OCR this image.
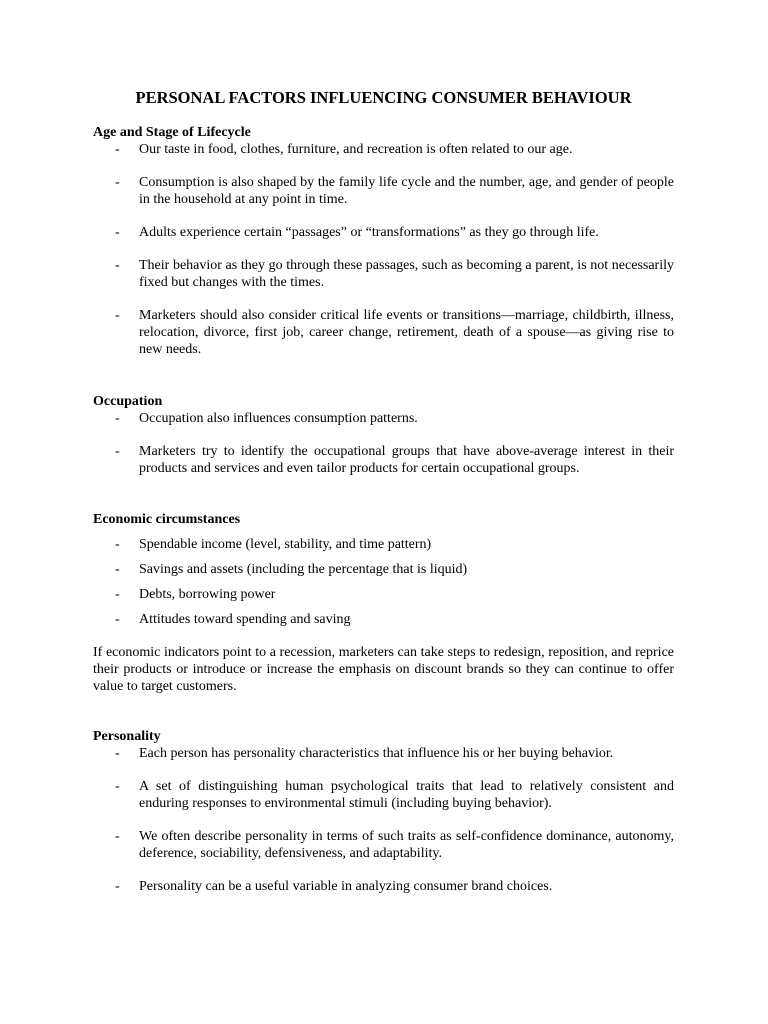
PERSONAL FACTORS INFLUENCING CONSUMER BEHAVIOUR
Age and Stage of Lifecycle
- Our taste in food, clothes, furniture, and recreation is often related to our age.
- Consumption is also shaped by the family life cycle and the number, age, and gender of people in the household at any point in time.
- Adults experience certain “passages” or “transformations” as they go through life.
- Their behavior as they go through these passages, such as becoming a parent, is not necessarily fixed but changes with the times.
- Marketers should also consider critical life events or transitions—marriage, childbirth, illness, relocation, divorce, first job, career change, retirement, death of a spouse—as giving rise to new needs.
Occupation
- Occupation also influences consumption patterns.
- Marketers try to identify the occupational groups that have above-average interest in their products and services and even tailor products for certain occupational groups.
Economic circumstances
- Spendable income (level, stability, and time pattern)
- Savings and assets (including the percentage that is liquid)
- Debts, borrowing power
- Attitudes toward spending and saving
If economic indicators point to a recession, marketers can take steps to redesign, reposition, and reprice their products or introduce or increase the emphasis on discount brands so they can continue to offer value to target customers.
Personality
- Each person has personality characteristics that influence his or her buying behavior.
- A set of distinguishing human psychological traits that lead to relatively consistent and enduring responses to environmental stimuli (including buying behavior).
- We often describe personality in terms of such traits as self-confidence dominance, autonomy, deference, sociability, defensiveness, and adaptability.
- Personality can be a useful variable in analyzing consumer brand choices.
